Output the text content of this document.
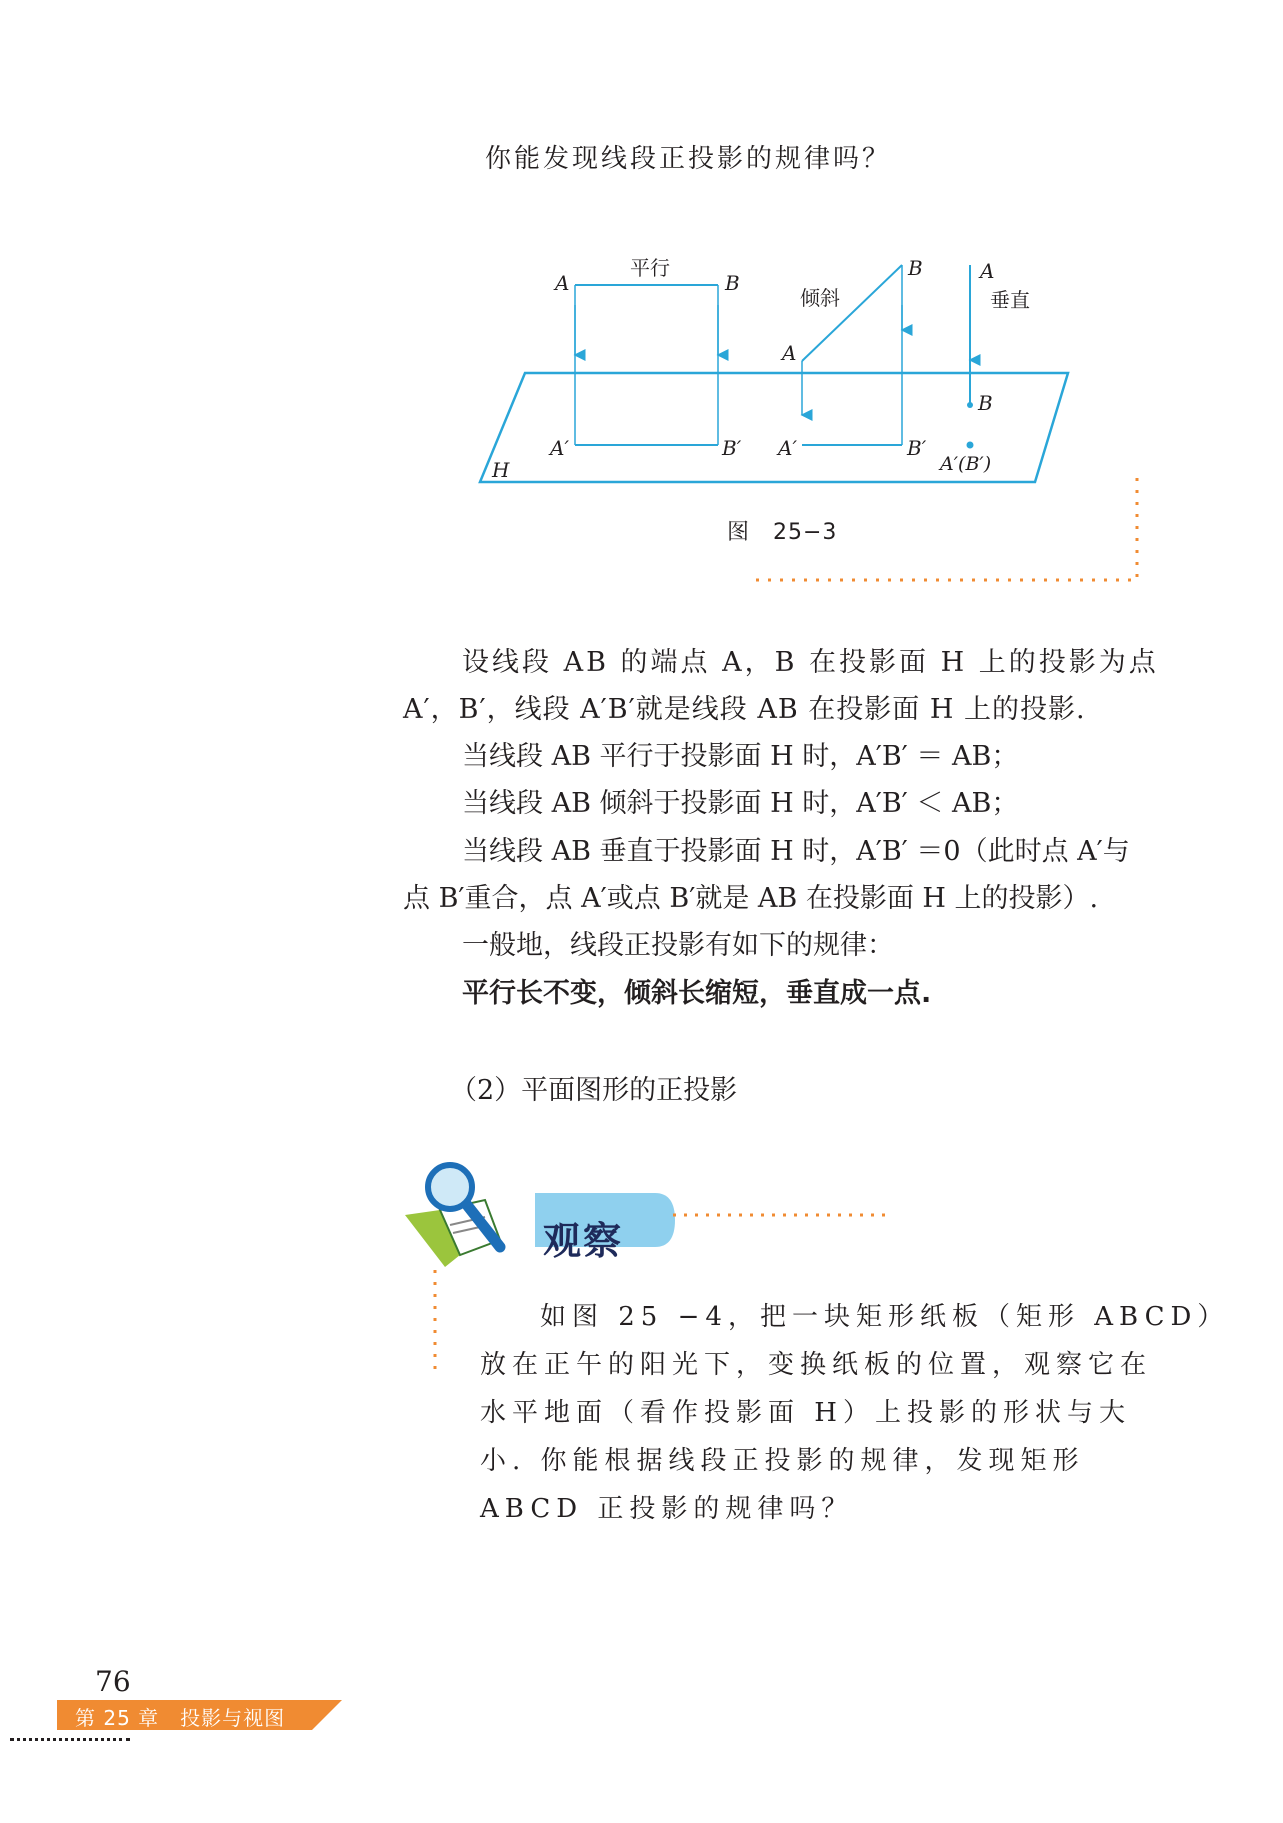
你能发现线段正投影的规律吗？
平行
A	B
A′	B′
倾斜
A
B
A′	B′
A
垂直
B
A′(B′)
H
图　25−3
设线段 AB 的端点 A，B 在投影面 H 上的投影为点
A′，B′，线段 A′B′就是线段 AB 在投影面 H 上的投影.
当线段 AB 平行于投影面 H 时，A′B′ ＝ AB；
当线段 AB 倾斜于投影面 H 时，A′B′ ＜ AB；
当线段 AB 垂直于投影面 H 时，A′B′ ＝0（此时点 A′与
点 B′重合，点 A′或点 B′就是 AB 在投影面 H 上的投影）.
一般地，线段正投影有如下的规律：
平行长不变，倾斜长缩短，垂直成一点.
（2）平面图形的正投影
观察
如图 25 −4，把一块矩形纸板（矩形 ABCD）
放在正午的阳光下，变换纸板的位置，观察它在
水平地面（看作投影面 H）上投影的形状与大
小. 你能根据线段正投影的规律，发现矩形
ABCD 正投影的规律吗？
76
第 25 章　投影与视图
